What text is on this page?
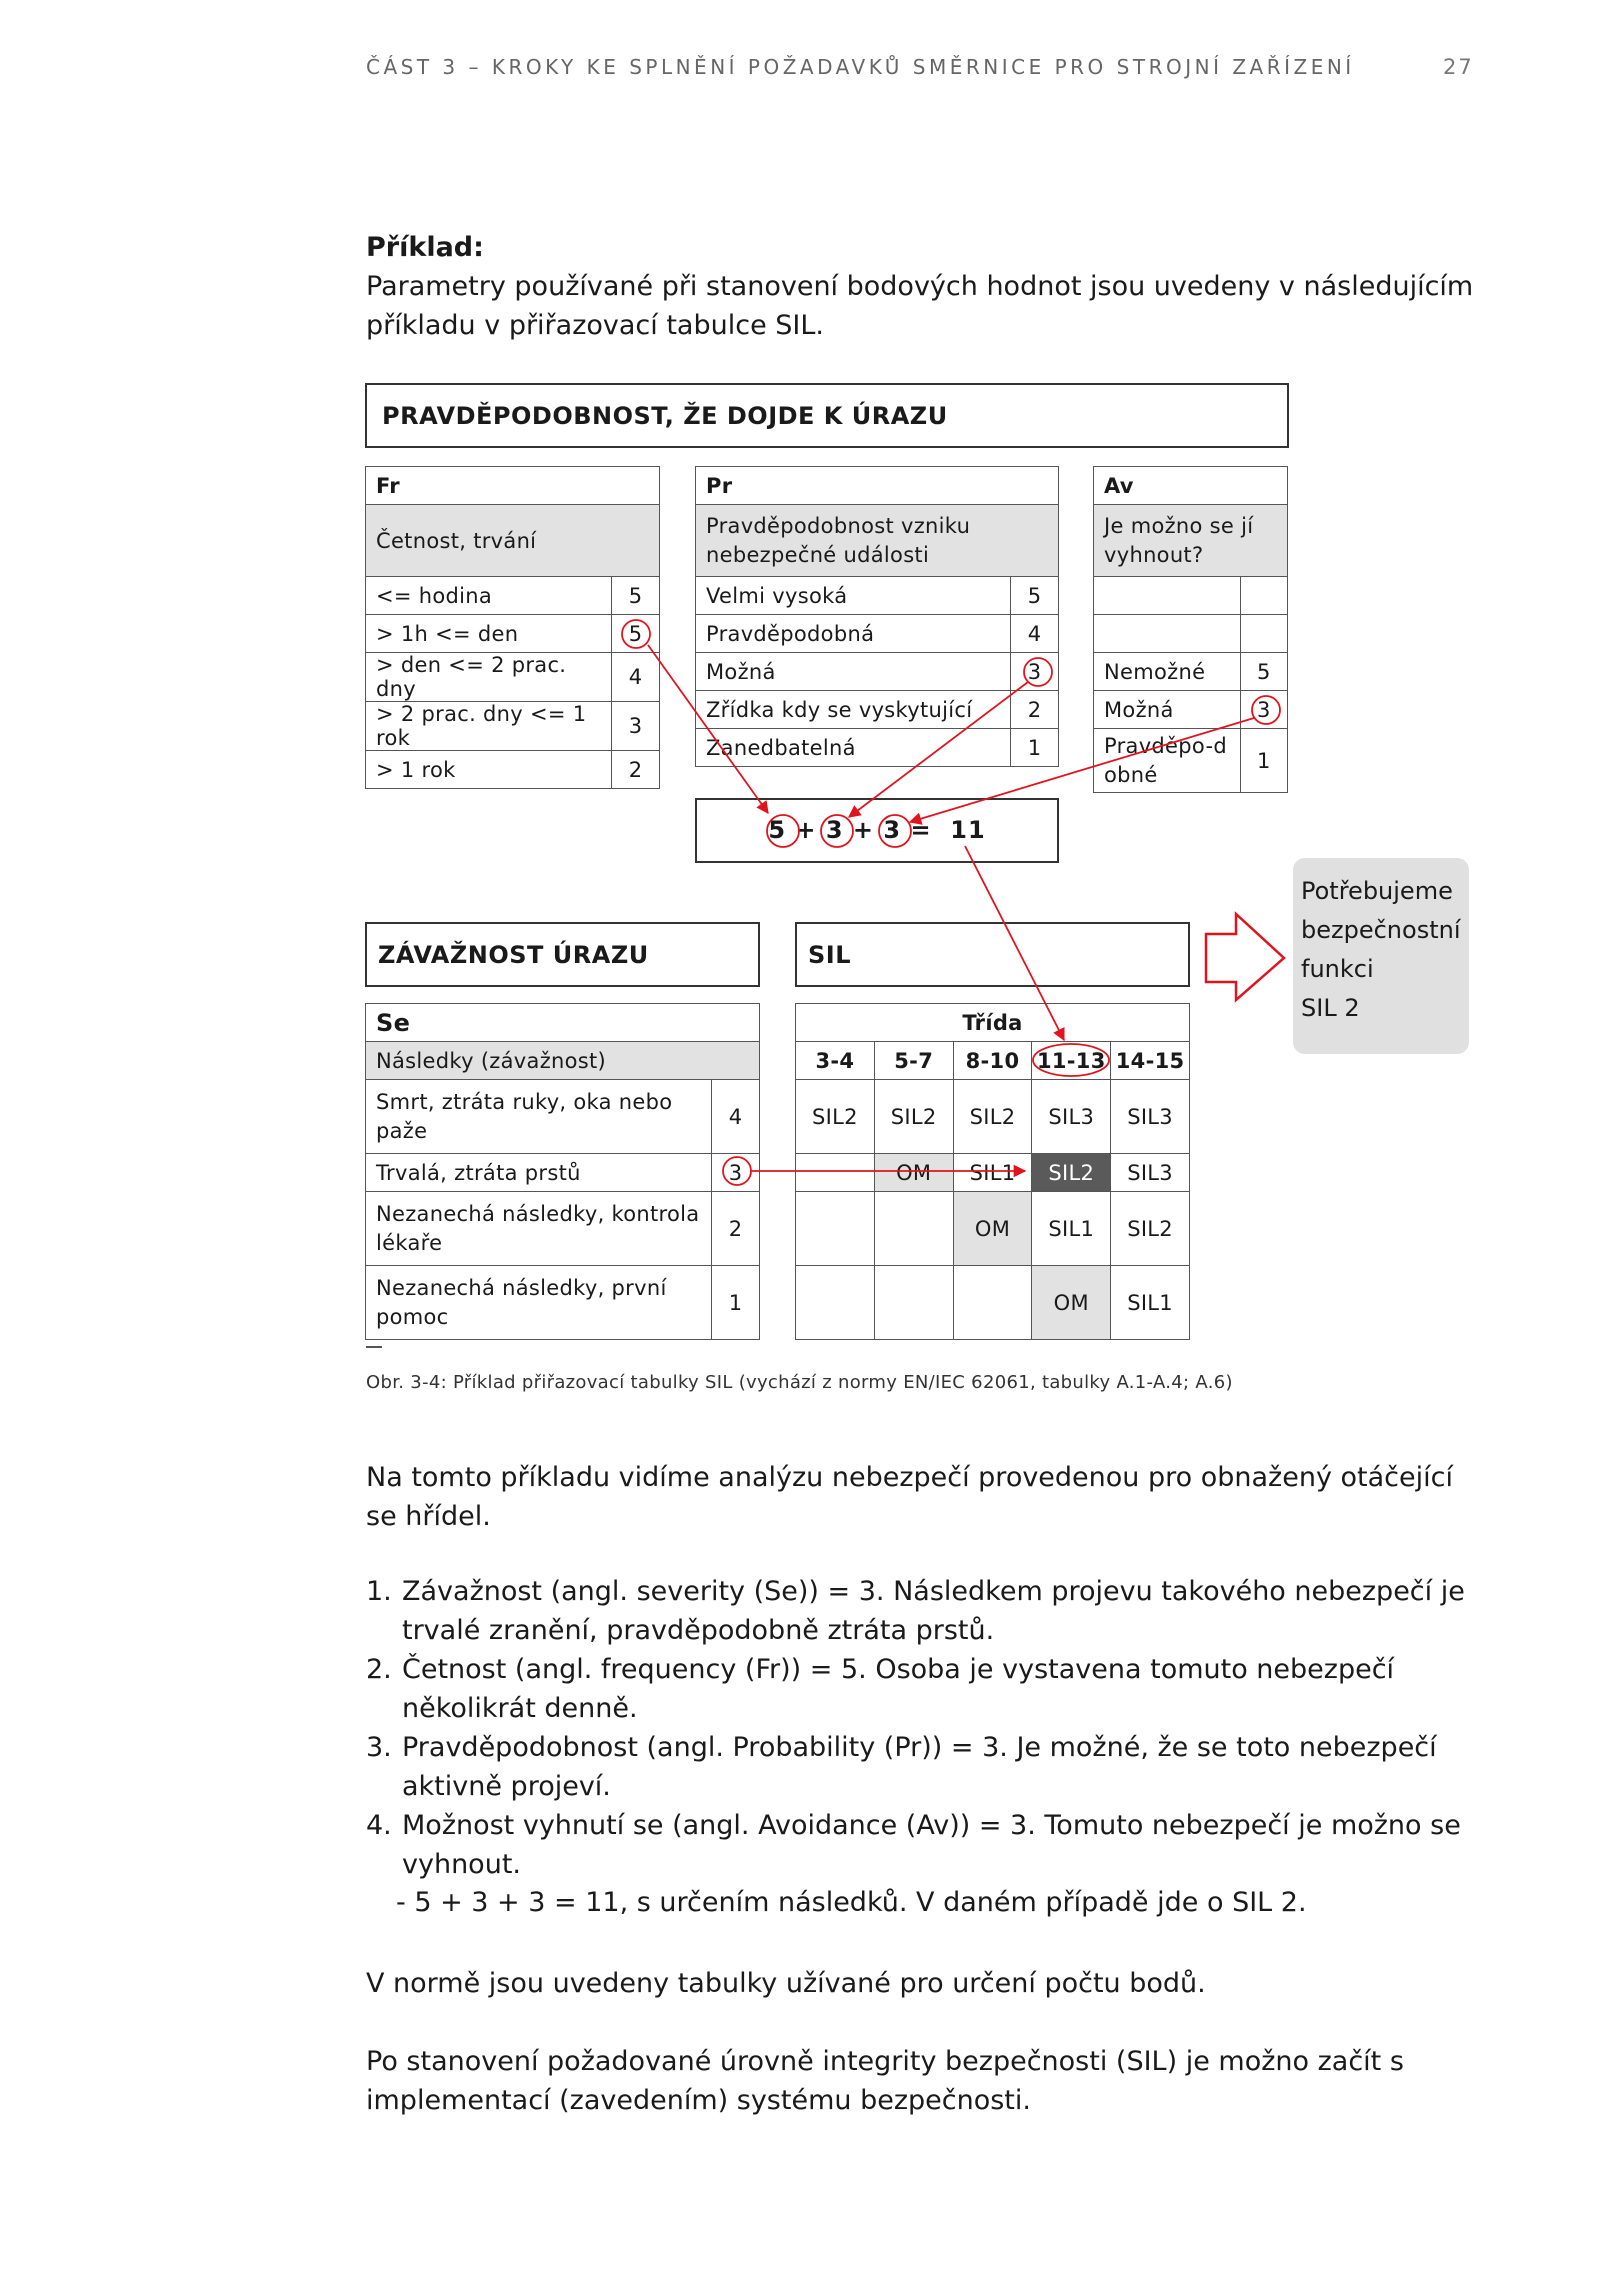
ČÁST 3 – KROKY KE SPLNĚNÍ POŽADAVKŮ SMĚRNICE PRO STROJNÍ ZAŘÍZENÍ	27
Příklad:
Parametry používané při stanovení bodových hodnot jsou uvedeny v následujícím příkladu v přiřazovací tabulce SIL.
PRAVDĚPODOBNOST, ŽE DOJDE K ÚRAZU
Fr	
Četnost, trvání	
<= hodina	5
> 1h <= den	5
> den <= 2 prac. dny	4
> 2 prac. dny <= 1 rok	3
> 1 rok	2
Pr	
Pravděpodobnost vzniku nebezpečné události	
Velmi vysoká	5
Pravděpodobná	4
Možná	3
Zřídka kdy se vyskytující	2
Zanedbatelná	1
Av	
Je možno se jí vyhnout?	

Nemožné	5
Možná	3
Pravděpo-dobné	1
5 + 3 + 3 = 11
ZÁVAŽNOST ÚRAZU	SIL
Se	
Následky (závažnost)	
Smrt, ztráta ruky, oka nebo paže	4
Trvalá, ztráta prstů	3
Nezanechá následky, kontrola lékaře	2
Nezanechá následky, první pomoc	1
Třída				
3-4	5-7	8-10	11-13	14-15
SIL2	SIL2	SIL2	SIL3	SIL3
	OM	SIL1	SIL2	SIL3
		OM	SIL1	SIL2
			OM	SIL1
Potřebujeme
bezpečnostní
funkci
SIL 2
Obr. 3-4: Příklad přiřazovací tabulky SIL (vychází z normy EN/IEC 62061, tabulky A.1-A.4; A.6)
Na tomto příkladu vidíme analýzu nebezpečí provedenou pro obnažený otáčející se hřídel.
1. Závažnost (angl. severity (Se)) = 3. Následkem projevu takového nebezpečí je trvalé zranění, pravděpodobně ztráta prstů.
2. Četnost (angl. frequency (Fr)) = 5. Osoba je vystavena tomuto nebezpečí několikrát denně.
3. Pravděpodobnost (angl. Probability (Pr)) = 3. Je možné, že se toto nebezpečí aktivně projeví.
4. Možnost vyhnutí se (angl. Avoidance (Av)) = 3. Tomuto nebezpečí je možno se vyhnout.
- 5 + 3 + 3 = 11, s určením následků. V daném případě jde o SIL 2.
V normě jsou uvedeny tabulky užívané pro určení počtu bodů.
Po stanovení požadované úrovně integrity bezpečnosti (SIL) je možno začít s implementací (zavedením) systému bezpečnosti.
